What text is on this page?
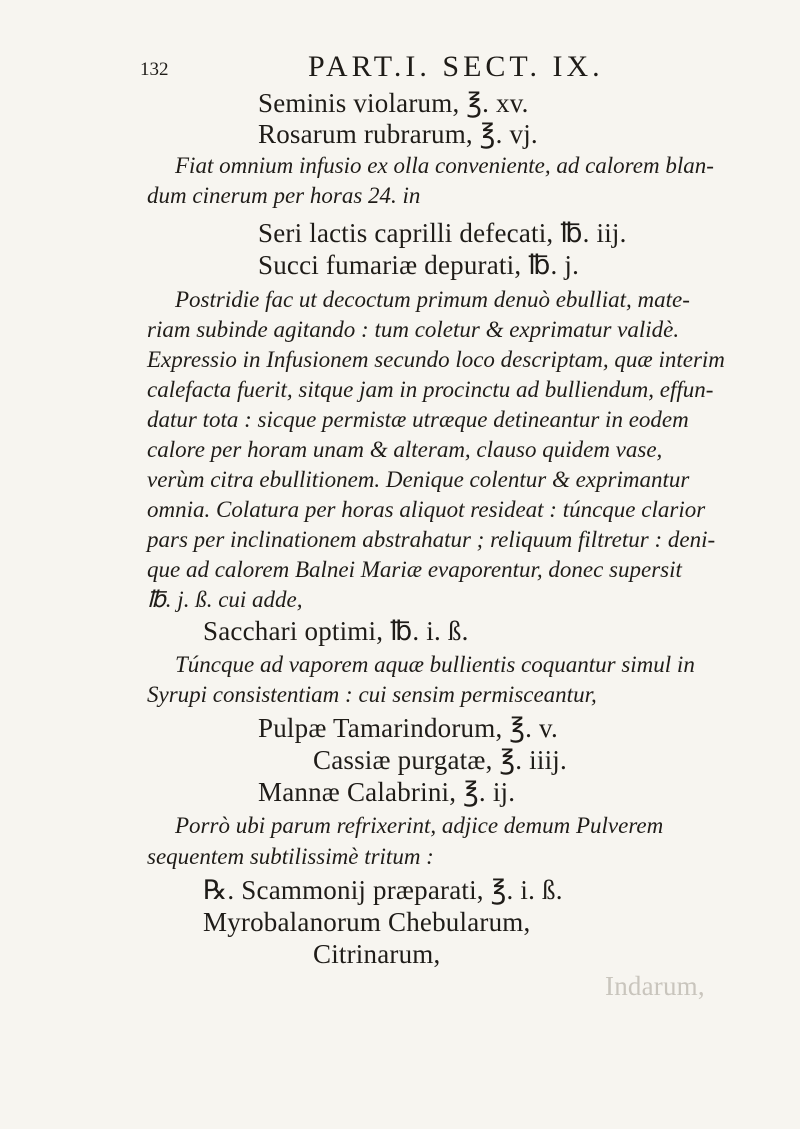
132	PART.I. SECT. IX.
Seminis violarum, ℥. xv.
Rosarum rubrarum, ℥. vj.
Fiat omnium infusio ex olla conveniente, ad calorem blan-
dum cinerum per horas 24. in
Seri lactis caprilli defecati, ℔. iij.
Succi fumariæ depurati, ℔. j.
Postridie fac ut decoctum primum denuò ebulliat, mate-
riam subinde agitando : tum coletur & exprimatur validè.
Expressio in Infusionem secundo loco descriptam, quæ interim
calefacta fuerit, sitque jam in procinctu ad bulliendum, effun-
datur tota : sicque permistæ utræque detineantur in eodem
calore per horam unam & alteram, clauso quidem vase,
verùm citra ebullitionem. Denique colentur & exprimantur
omnia. Colatura per horas aliquot resideat : túncque clarior
pars per inclinationem abstrahatur ; reliquum filtretur : deni-
que ad calorem Balnei Mariæ evaporentur, donec supersit
℔. j. ß. cui adde,
Sacchari optimi, ℔. i. ß.
Túncque ad vaporem aquæ bullientis coquantur simul in
Syrupi consistentiam : cui sensim permisceantur,
Pulpæ Tamarindorum, ℥. v.
Cassiæ purgatæ, ℥. iiij.
Mannæ Calabrini, ℥. ij.
Porrò ubi parum refrixerint, adjice demum Pulverem
sequentem subtilissimè tritum :
℞. Scammonij præparati, ℥. i. ß.
Myrobalanorum Chebularum,
Citrinarum,
Indarum,
